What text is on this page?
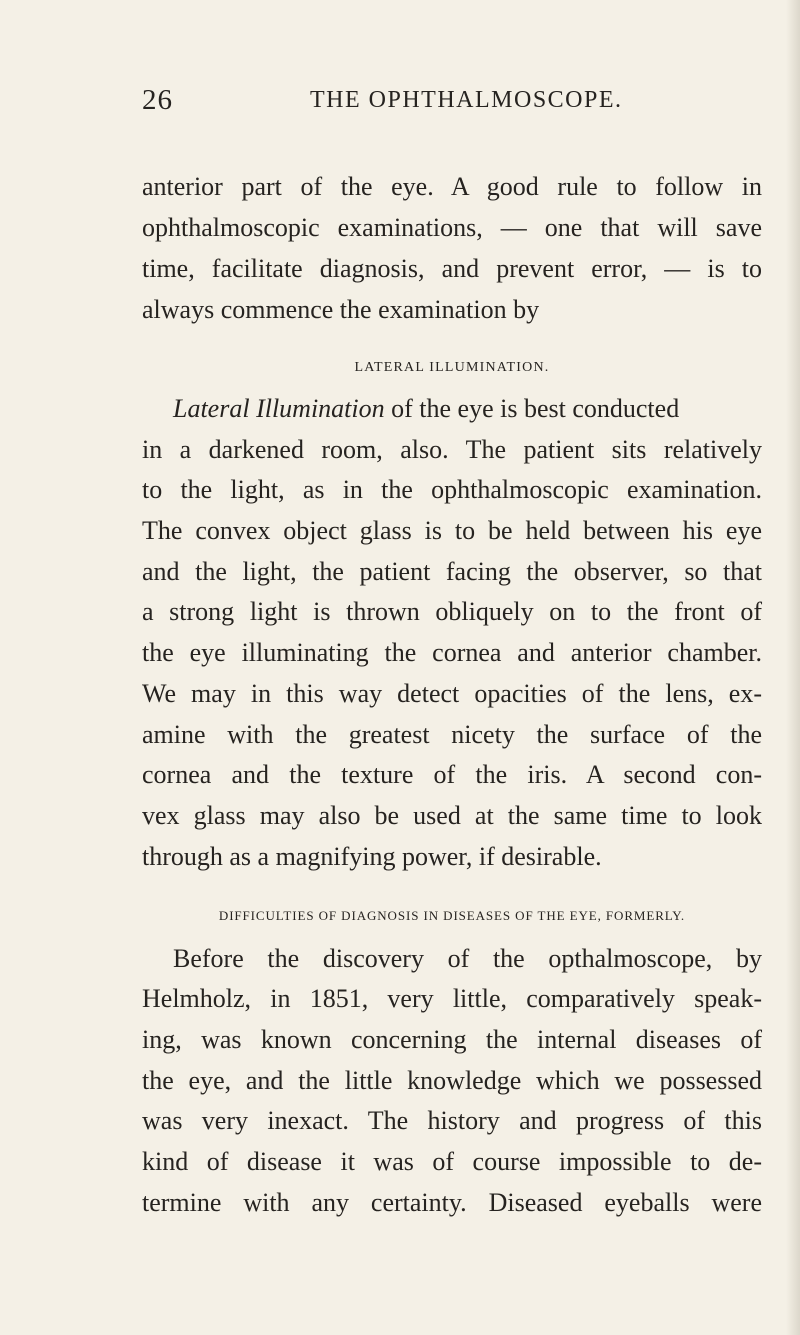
26	THE OPHTHALMOSCOPE.
anterior part of the eye. A good rule to follow in
ophthalmoscopic examinations, — one that will save
time, facilitate diagnosis, and prevent error, — is to
always commence the examination by
LATERAL ILLUMINATION.
Lateral Illumination of the eye is best conducted
in a darkened room, also. The patient sits relatively
to the light, as in the ophthalmoscopic examination.
The convex object glass is to be held between his eye
and the light, the patient facing the observer, so that
a strong light is thrown obliquely on to the front of
the eye illuminating the cornea and anterior chamber.
We may in this way detect opacities of the lens, ex-
amine with the greatest nicety the surface of the
cornea and the texture of the iris. A second con-
vex glass may also be used at the same time to look
through as a magnifying power, if desirable.
DIFFICULTIES OF DIAGNOSIS IN DISEASES OF THE EYE, FORMERLY.
Before the discovery of the opthalmoscope, by
Helmholz, in 1851, very little, comparatively speak-
ing, was known concerning the internal diseases of
the eye, and the little knowledge which we possessed
was very inexact. The history and progress of this
kind of disease it was of course impossible to de-
termine with any certainty. Diseased eyeballs were
